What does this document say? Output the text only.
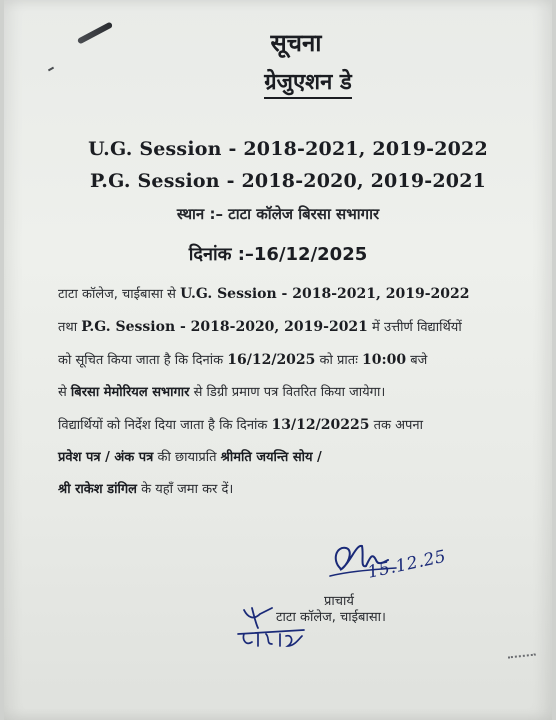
सूचना
ग्रेजुएशन डे
U.G. Session - 2018-2021, 2019-2022
P.G. Session - 2018-2020, 2019-2021
स्थान :– टाटा कॉलेज बिरसा सभागार
दिनांक :–16/12/2025
टाटा कॉलेज, चाईबासा से U.G. Session - 2018-2021, 2019-2022
तथा P.G. Session - 2018-2020, 2019-2021 में उत्तीर्ण विद्यार्थियों
को सूचित किया जाता है कि दिनांक 16/12/2025 को प्रातः 10:00 बजे
से बिरसा मेमोरियल सभागार से डिग्री प्रमाण पत्र वितरित किया जायेगा।
विद्यार्थियों को निर्देश दिया जाता है कि दिनांक 13/12/20225 तक अपना
प्रवेश पत्र / अंक पत्र की छायाप्रति श्रीमति जयन्ति सोय /
श्री राकेश डांगिल के यहाँ जमा कर दें।
15.12.25
प्राचार्य
टाटा कॉलेज, चाईबासा।
